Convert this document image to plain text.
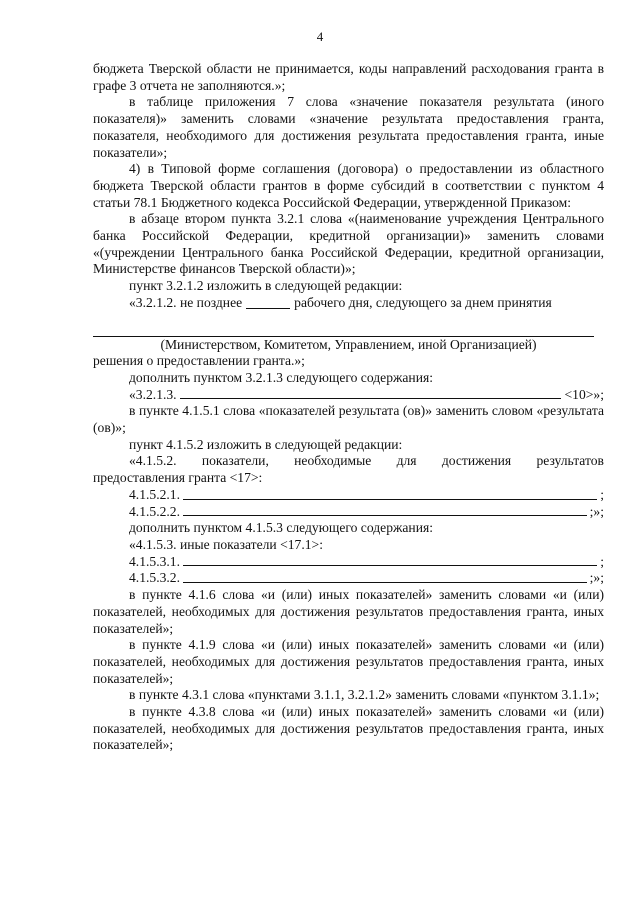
4

бюджета Тверской области не принимается, коды направлений расходования гранта в графе 3 отчета не заполняются.»;

в таблице приложения 7 слова «значение показателя результата (иного показателя)» заменить словами «значение результата предоставления гранта, показателя, необходимого для достижения результата предоставления гранта, иные показатели»;

4) в Типовой форме соглашения (договора) о предоставлении из областного бюджета Тверской области грантов в форме субсидий в соответствии с пунктом 4 статьи 78.1 Бюджетного кодекса Российской Федерации, утвержденной Приказом:

в абзаце втором пункта 3.2.1 слова «(наименование учреждения Центрального банка Российской Федерации, кредитной организации)» заменить словами «(учреждении Центрального банка Российской Федерации, кредитной организации, Министерстве финансов Тверской области)»;

пункт 3.2.1.2 изложить в следующей редакции:

«3.2.1.2. не позднее	рабочего дня, следующего за днем принятия

(Министерством, Комитетом, Управлением, иной Организацией)

решения о предоставлении гранта.»;

дополнить пунктом 3.2.1.3 следующего содержания:

«3.2.1.3.	<10>»;

в пункте 4.1.5.1 слова «показателей результата (ов)» заменить словом «результата (ов)»;

пункт 4.1.5.2 изложить в следующей редакции:

«4.1.5.2. показатели, необходимые для достижения результатов

предоставления гранта <17>:

4.1.5.2.1.	;
4.1.5.2.2.	;»;

дополнить пунктом 4.1.5.3 следующего содержания:

«4.1.5.3. иные показатели <17.1>:

4.1.5.3.1.	;
4.1.5.3.2.	;»;

в пункте 4.1.6 слова «и (или) иных показателей» заменить словами «и (или) показателей, необходимых для достижения результатов предоставления гранта, иных показателей»;

в пункте 4.1.9 слова «и (или) иных показателей» заменить словами «и (или) показателей, необходимых для достижения результатов предоставления гранта, иных показателей»;

в пункте 4.3.1 слова «пунктами 3.1.1, 3.2.1.2» заменить словами «пунктом 3.1.1»;

в пункте 4.3.8 слова «и (или) иных показателей» заменить словами «и (или) показателей, необходимых для достижения результатов предоставления гранта, иных показателей»;
